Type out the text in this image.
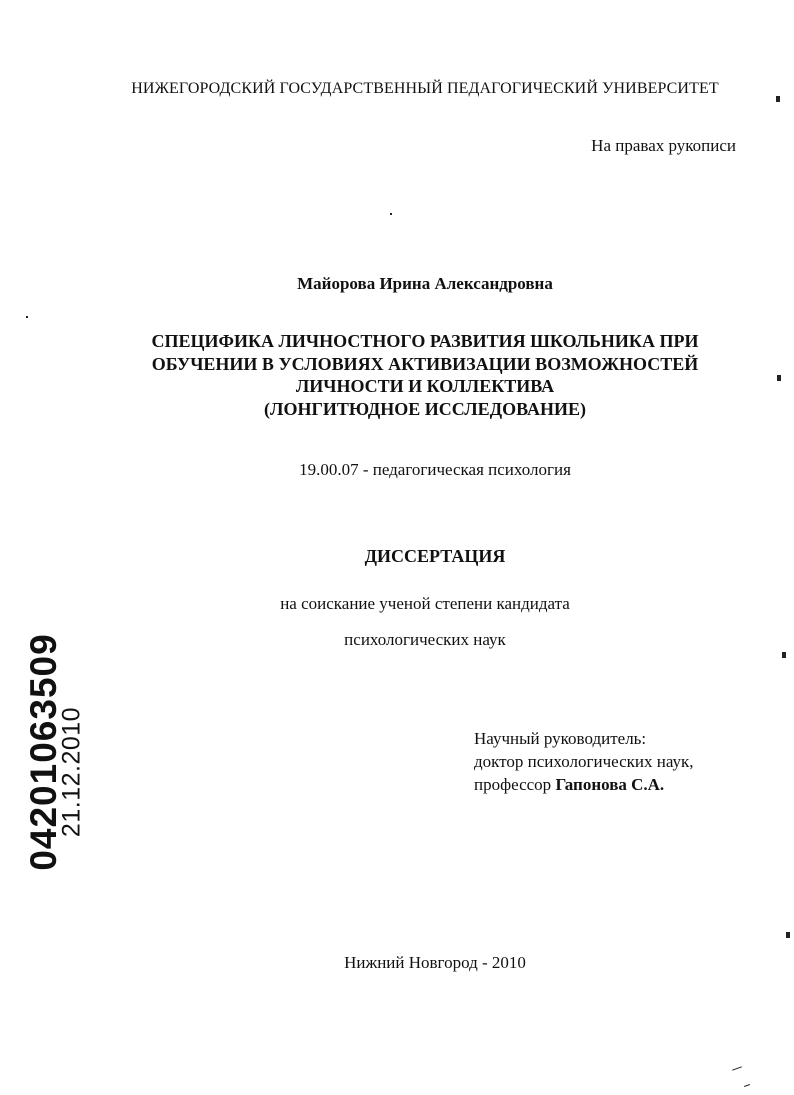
НИЖЕГОРОДСКИЙ ГОСУДАРСТВЕННЫЙ ПЕДАГОГИЧЕСКИЙ УНИВЕРСИТЕТ
На правах рукописи
Майорова Ирина Александровна
СПЕЦИФИКА ЛИЧНОСТНОГО РАЗВИТИЯ ШКОЛЬНИКА ПРИ
ОБУЧЕНИИ В УСЛОВИЯХ АКТИВИЗАЦИИ ВОЗМОЖНОСТЕЙ
ЛИЧНОСТИ И КОЛЛЕКТИВА
(ЛОНГИТЮДНОЕ ИССЛЕДОВАНИЕ)
19.00.07 - педагогическая психология
ДИССЕРТАЦИЯ
на соискание ученой степени кандидата
психологических наук
Научный руководитель:
доктор психологических наук,
профессор Гапонова С.А.
Нижний Новгород - 2010
04201063509
21.12.2010
